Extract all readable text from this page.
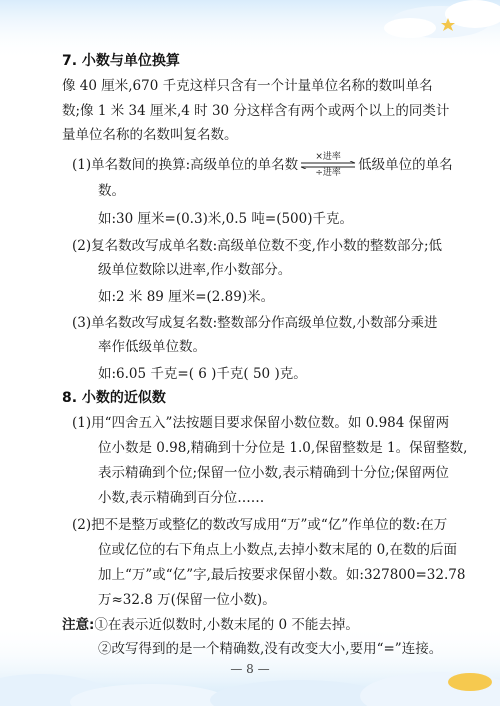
7. 小数与单位换算
像 40 厘米,670 千克这样只含有一个计量单位名称的数叫单名
数;像 1 米 34 厘米,4 时 30 分这样含有两个或两个以上的同类计
量单位名称的名数叫复名数。
(1)单名数间的换算:高级单位的单名数	×进率
÷进率	低级单位的单名
数。
如:30 厘米=(0.3)米,0.5 吨=(500)千克。
(2)复名数改写成单名数:高级单位数不变,作小数的整数部分;低
级单位数除以进率,作小数部分。
如:2 米 89 厘米=(2.89)米。
(3)单名数改写成复名数:整数部分作高级单位数,小数部分乘进
率作低级单位数。
如:6.05 千克=( 6 )千克( 50 )克。
8. 小数的近似数
(1)用“四舍五入”法按题目要求保留小数位数。如 0.984 保留两
位小数是 0.98,精确到十分位是 1.0,保留整数是 1。保留整数,
表示精确到个位;保留一位小数,表示精确到十分位;保留两位
小数,表示精确到百分位……
(2)把不是整万或整亿的数改写成用“万”或“亿”作单位的数:在万
位或亿位的右下角点上小数点,去掉小数末尾的 0,在数的后面
加上“万”或“亿”字,最后按要求保留小数。如:327800=32.78
万≈32.8 万(保留一位小数)。
注意:①在表示近似数时,小数末尾的 0 不能去掉。
②改写得到的是一个精确数,没有改变大小,要用“=”连接。
— 8 —
